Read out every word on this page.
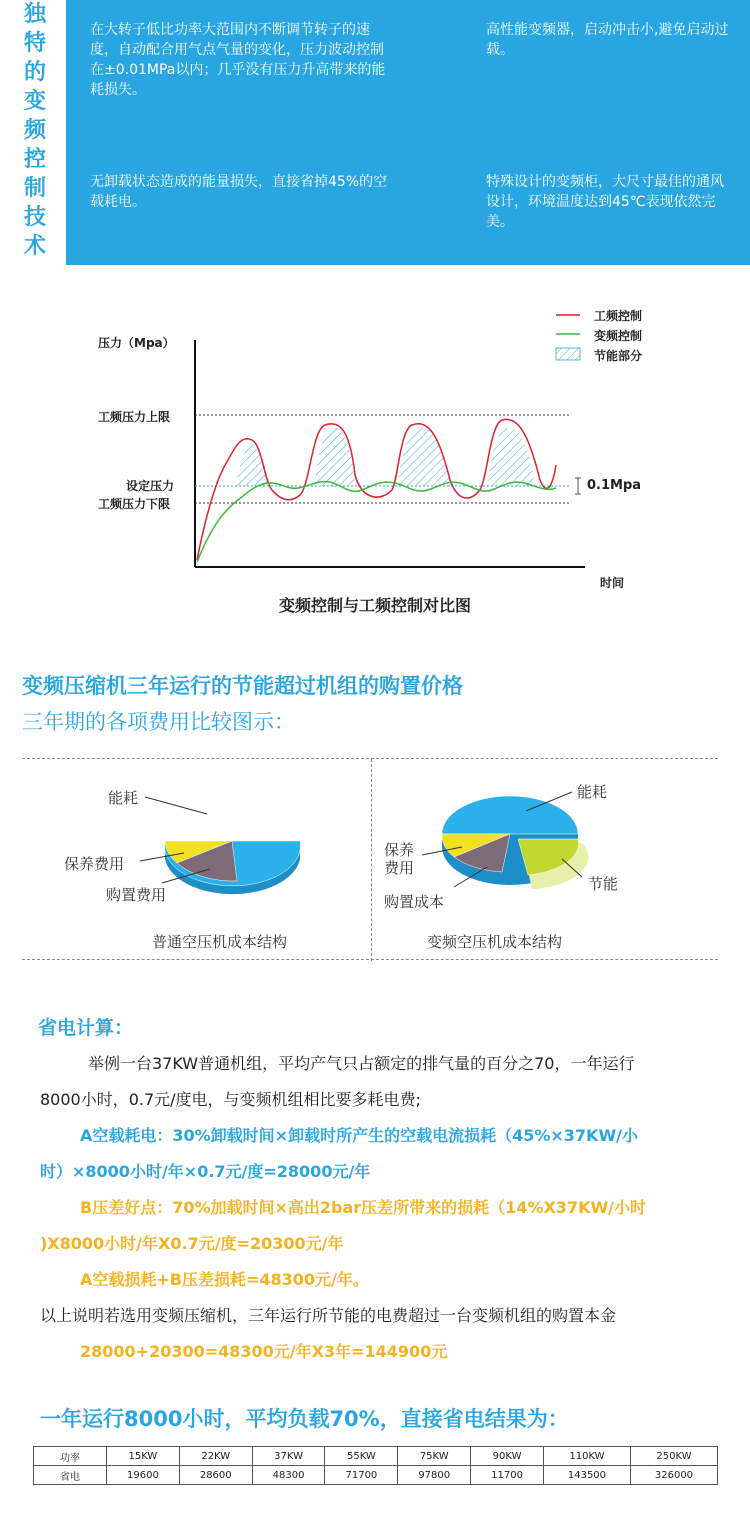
独特的变频控制技术
在大转子低比功率大范围内不断调节转子的速度，自动配合用气点气量的变化，压力波动控制在±0.01MPa以内；几乎没有压力升高带来的能耗损失。
高性能变频器，启动冲击小,避免启动过载。
无卸载状态造成的能量损失，直接省掉45%的空载耗电。
特殊设计的变频柜，大尺寸最佳的通风设计，环境温度达到45℃表现依然完美。
压力（Mpa）
工频压力上限
设定压力
工频压力下限
0.1Mpa
时间
工频控制
变频控制
节能部分
变频控制与工频控制对比图
变频压缩机三年运行的节能超过机组的购置价格
三年期的各项费用比较图示：
能耗
保养费用
购置费用
普通空压机成本结构
能耗
保养
费用
购置成本
节能
变频空压机成本结构
省电计算：
举例一台37KW普通机组，平均产气只占额定的排气量的百分之70，一年运行
8000小时，0.7元/度电，与变频机组相比要多耗电费;
A空载耗电：30%卸载时间×卸载时所产生的空载电流损耗（45%×37KW/小
时）×8000小时/年×0.7元/度=28000元/年
B压差好点：70%加载时间×高出2bar压差所带来的损耗（14%X37KW/小时
)X8000小时/年X0.7元/度=20300元/年
A空载损耗+B压差损耗=48300元/年。
以上说明若选用变频压缩机，三年运行所节能的电费超过一台变频机组的购置本金
28000+20300=48300元/年X3年=144900元
一年运行8000小时，平均负载70%，直接省电结果为：
功率	15KW	22KW	37KW	55KW	75KW	90KW	110KW	250KW
省电	19600	28600	48300	71700	97800	11700	143500	326000
